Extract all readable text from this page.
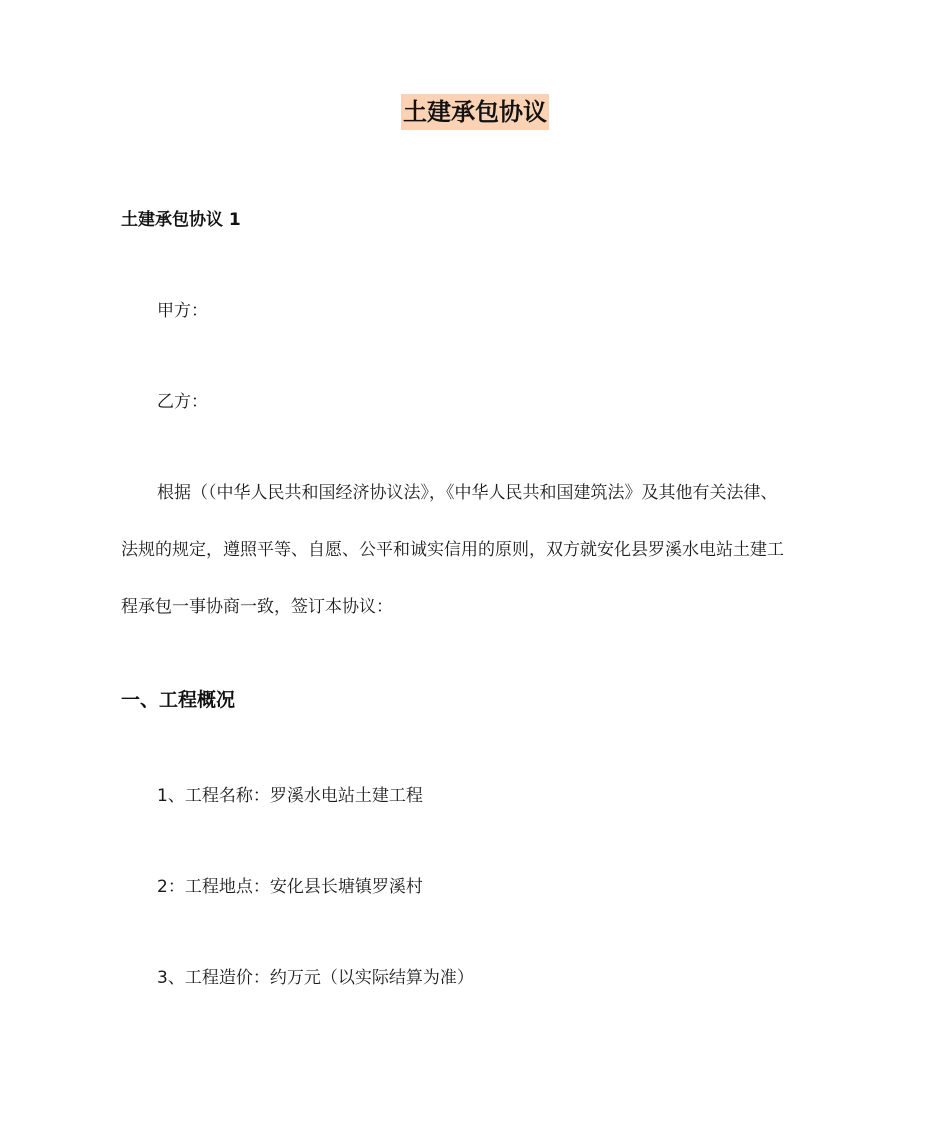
土建承包协议
土建承包协议 1
甲方：
乙方：
根据（（中华人民共和国经济协议法》，《中华人民共和国建筑法》及其他有关法律、
法规的规定，遵照平等、自愿、公平和诚实信用的原则，双方就安化县罗溪水电站土建工
程承包一事协商一致，签订本协议：
一、工程概况
1、工程名称：罗溪水电站土建工程
2：工程地点：安化县长塘镇罗溪村
3、工程造价：约万元（以实际结算为准）
